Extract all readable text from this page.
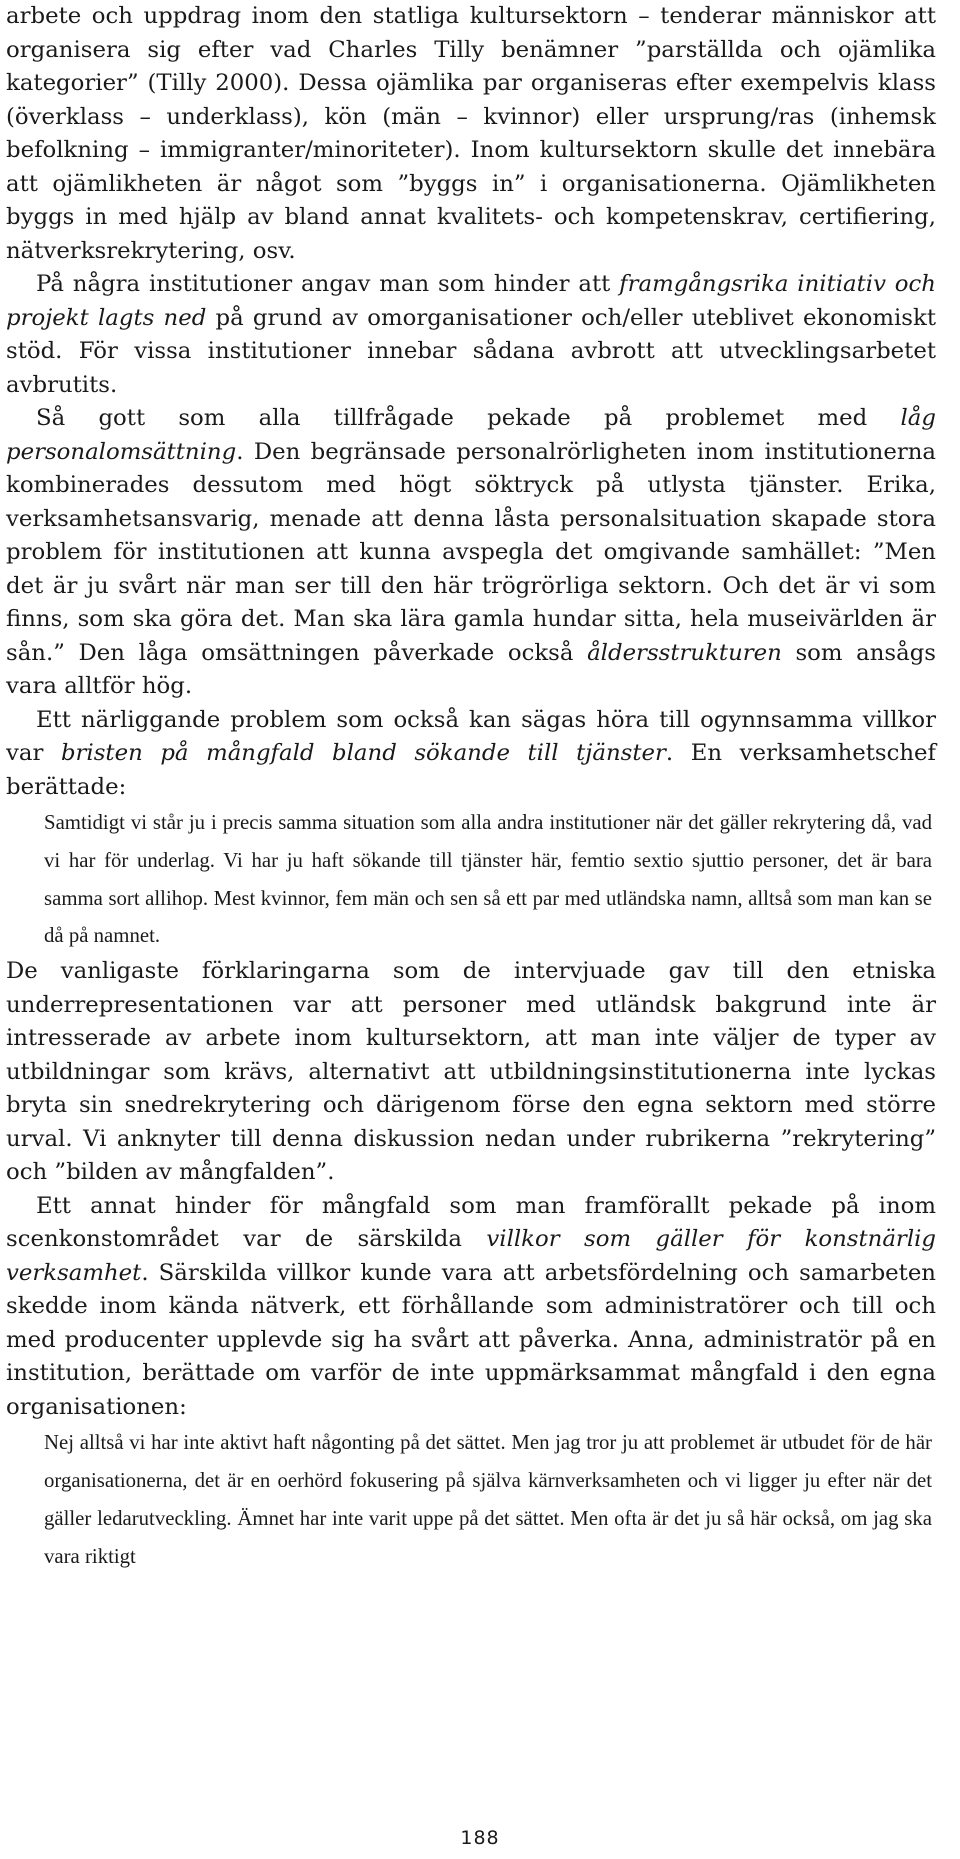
arbete och uppdrag inom den statliga kultursektorn – tenderar människor att organisera sig efter vad Charles Tilly benämner ”parställda och ojämlika kategorier” (Tilly 2000). Dessa ojämlika par organiseras efter exempelvis klass (överklass – underklass), kön (män – kvinnor) eller ursprung/ras (inhemsk befolkning – immigranter/minoriteter). Inom kultursektorn skulle det innebära att ojämlikheten är något som ”byggs in” i organisationerna. Ojämlikheten byggs in med hjälp av bland annat kvalitets- och kompetenskrav, certifiering, nätverksrekrytering, osv.

På några institutioner angav man som hinder att framgångsrika initiativ och projekt lagts ned på grund av omorganisationer och/eller uteblivet ekonomiskt stöd. För vissa institutioner innebar sådana avbrott att utvecklingsarbetet avbrutits.

Så gott som alla tillfrågade pekade på problemet med låg personalomsättning. Den begränsade personalrörligheten inom institutionerna kombinerades dessutom med högt söktryck på utlysta tjänster. Erika, verksamhetsansvarig, menade att denna låsta personalsituation skapade stora problem för institutionen att kunna avspegla det omgivande samhället: ”Men det är ju svårt när man ser till den här trögrörliga sektorn. Och det är vi som finns, som ska göra det. Man ska lära gamla hundar sitta, hela museivärlden är sån.” Den låga omsättningen påverkade också åldersstrukturen som ansågs vara alltför hög.

Ett närliggande problem som också kan sägas höra till ogynnsamma villkor var bristen på mångfald bland sökande till tjänster. En verksamhetschef berättade:

Samtidigt vi står ju i precis samma situation som alla andra institutioner när det gäller rekrytering då, vad vi har för underlag. Vi har ju haft sökande till tjänster här, femtio sextio sjuttio personer, det är bara samma sort allihop. Mest kvinnor, fem män och sen så ett par med utländska namn, alltså som man kan se då på namnet.

De vanligaste förklaringarna som de intervjuade gav till den etniska underrepresentationen var att personer med utländsk bakgrund inte är intresserade av arbete inom kultursektorn, att man inte väljer de typer av utbildningar som krävs, alternativt att utbildningsinstitutionerna inte lyckas bryta sin snedrekrytering och därigenom förse den egna sektorn med större urval. Vi anknyter till denna diskussion nedan under rubrikerna ”rekrytering” och ”bilden av mångfalden”.

Ett annat hinder för mångfald som man framförallt pekade på inom scenkonstområdet var de särskilda villkor som gäller för konstnärlig verksamhet. Särskilda villkor kunde vara att arbetsfördelning och samarbeten skedde inom kända nätverk, ett förhållande som administratörer och till och med producenter upplevde sig ha svårt att påverka. Anna, administratör på en institution, berättade om varför de inte uppmärksammat mångfald i den egna organisationen:

Nej alltså vi har inte aktivt haft någonting på det sättet. Men jag tror ju att problemet är utbudet för de här organisationerna, det är en oerhörd fokusering på själva kärnverksamheten och vi ligger ju efter när det gäller ledarutveckling. Ämnet har inte varit uppe på det sättet. Men ofta är det ju så här också, om jag ska vara riktigt

188
